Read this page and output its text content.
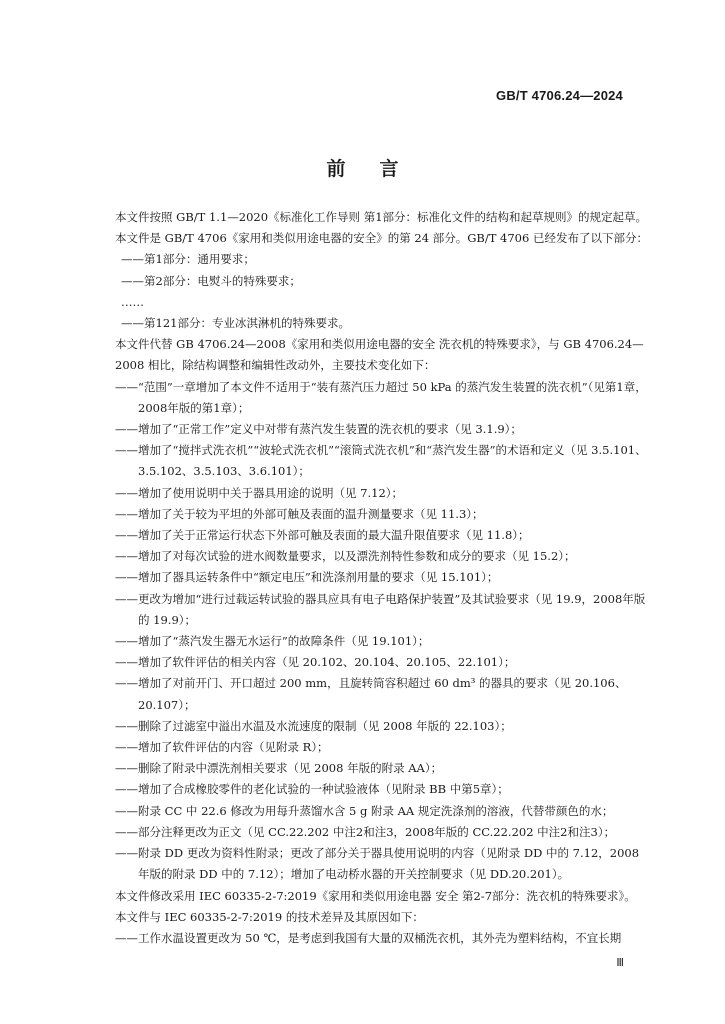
GB/T 4706.24—2024
前言

本文件按照 GB/T 1.1—2020《标准化工作导则 第1部分：标准化文件的结构和起草规则》的规定起草。

本文件是 GB/T 4706《家用和类似用途电器的安全》的第 24 部分。GB/T 4706 已经发布了以下部分：

——第1部分：通用要求；

——第2部分：电熨斗的特殊要求；

……

——第121部分：专业冰淇淋机的特殊要求。

本文件代替 GB 4706.24—2008《家用和类似用途电器的安全 洗衣机的特殊要求》，与 GB 4706.24—2008 相比，除结构调整和编辑性改动外，主要技术变化如下：

—— “范围”一章增加了本文件不适用于“装有蒸汽压力超过 50 kPa 的蒸汽发生装置的洗衣机”（见第1章，2008年版的第1章）；
—— 增加了“正常工作”定义中对带有蒸汽发生装置的洗衣机的要求（见 3.1.9）；
—— 增加了“搅拌式洗衣机”“波轮式洗衣机”“滚筒式洗衣机”和“蒸汽发生器”的术语和定义（见 3.5.101、3.5.102、3.5.103、3.6.101）；
—— 增加了使用说明中关于器具用途的说明（见 7.12）；
—— 增加了关于较为平坦的外部可触及表面的温升测量要求（见 11.3）；
—— 增加了关于正常运行状态下外部可触及表面的最大温升限值要求（见 11.8）；
—— 增加了对每次试验的进水阀数量要求，以及漂洗剂特性参数和成分的要求（见 15.2）；
—— 增加了器具运转条件中“额定电压”和洗涤剂用量的要求（见 15.101）；
—— 更改为增加“进行过载运转试验的器具应具有电子电路保护装置”及其试验要求（见 19.9，2008年版的 19.9）；
—— 增加了“蒸汽发生器无水运行”的故障条件（见 19.101）；
—— 增加了软件评估的相关内容（见 20.102、20.104、20.105、22.101）；
—— 增加了对前开门、开口超过 200 mm，且旋转筒容积超过 60 dm³ 的器具的要求（见 20.106、20.107）；
—— 删除了过滤室中溢出水温及水流速度的限制（见 2008 年版的 22.103）；
—— 增加了软件评估的内容（见附录 R）；
—— 删除了附录中漂洗剂相关要求（见 2008 年版的附录 AA）；
—— 增加了合成橡胶零件的老化试验的一种试验液体（见附录 BB 中第5章）；
—— 附录 CC 中 22.6 修改为用每升蒸馏水含 5 g 附录 AA 规定洗涤剂的溶液，代替带颜色的水；
—— 部分注释更改为正文（见 CC.22.202 中注2和注3，2008年版的 CC.22.202 中注2和注3）；
—— 附录 DD 更改为资料性附录；更改了部分关于器具使用说明的内容（见附录 DD 中的 7.12，2008 年版的附录 DD 中的 7.12）；增加了电动桥水器的开关控制要求（见 DD.20.201）。

本文件修改采用 IEC 60335-2-7:2019《家用和类似用途电器 安全 第2-7部分：洗衣机的特殊要求》。

本文件与 IEC 60335-2-7:2019 的技术差异及其原因如下：

—— 工作水温设置更改为 50 ℃，是考虑到我国有大量的双桶洗衣机，其外壳为塑料结构，不宜长期
Ⅲ
